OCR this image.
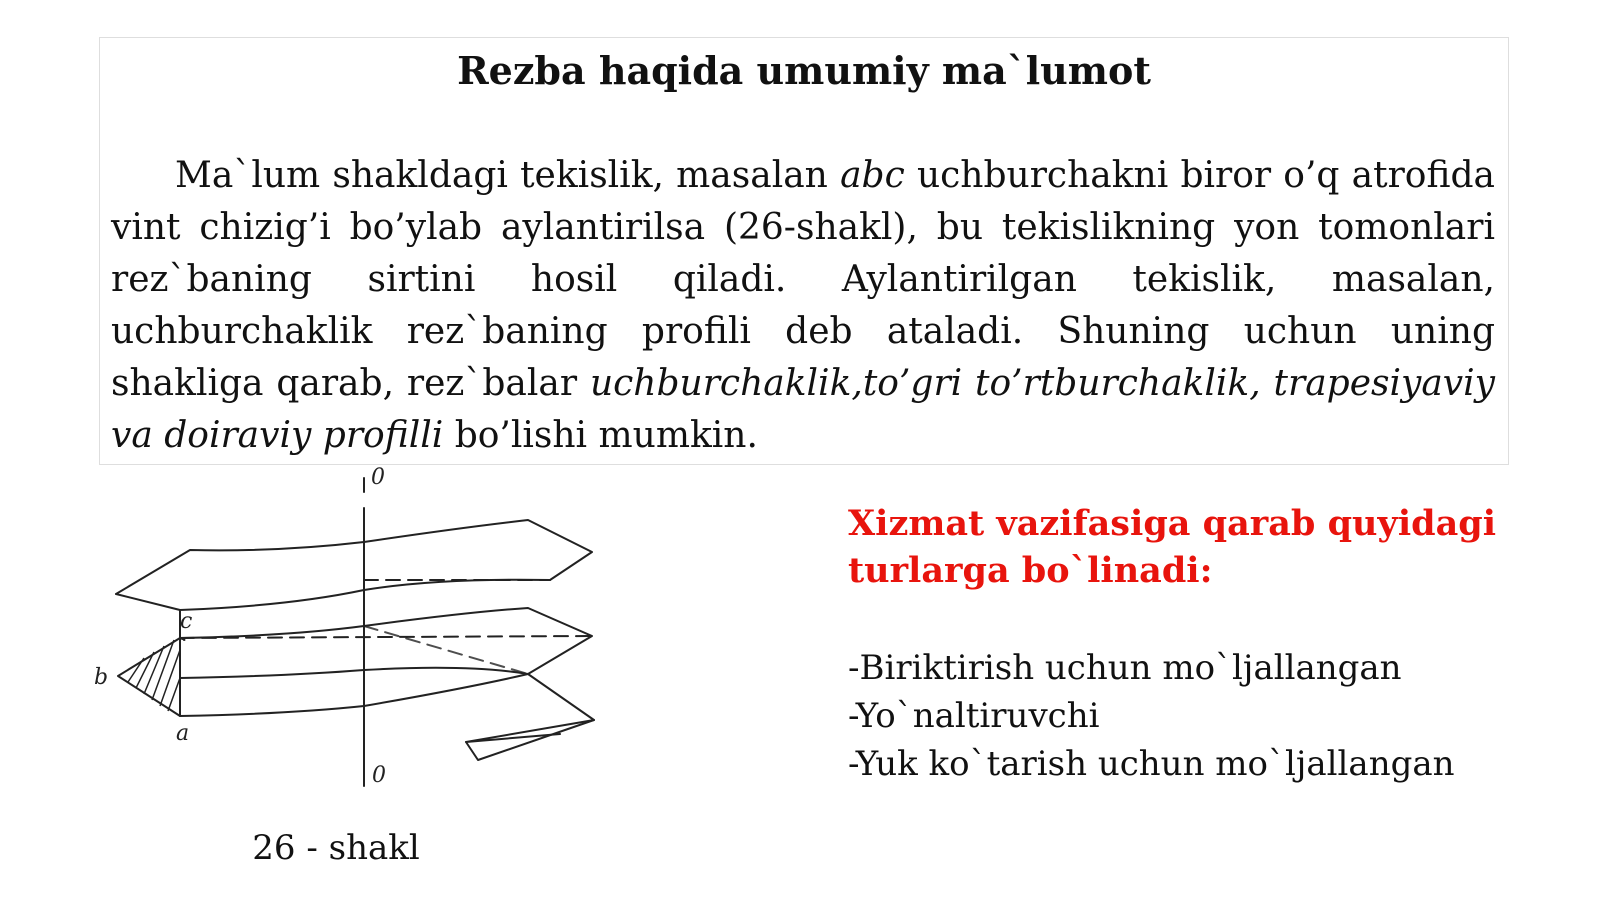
Rezba haqida umumiy ma`lumot

Ma`lum shakldagi tekislik, masalan abc uchburchakni biror o’q atrofida vint chizig’i bo’ylab aylantirilsa (26-shakl), bu tekislikning yon tomonlari rez`baning sirtini hosil qiladi. Aylantirilgan tekislik, masalan, uchburchaklik rez`baning profili deb ataladi. Shuning uchun uning shakliga qarab, rez`balar uchburchaklik,to’gri to’rtburchaklik, trapesiyaviy va doiraviy profilli bo’lishi mumkin.

0
c
b
a
0
26 - shakl
Xizmat vazifasiga qarab quyidagi turlarga bo`linadi:
-Biriktirish uchun mo`ljallangan
-Yo`naltiruvchi
-Yuk ko`tarish uchun mo`ljallangan
